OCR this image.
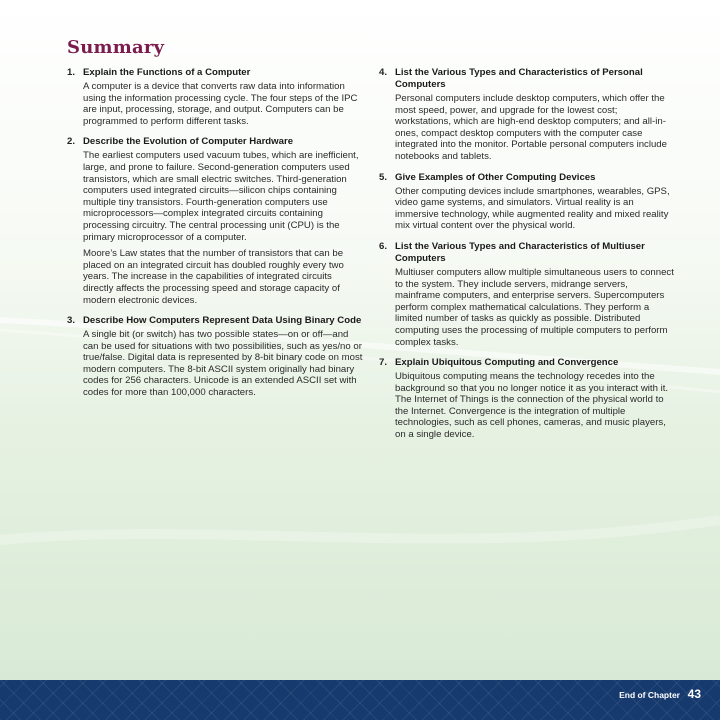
Summary
1. Explain the Functions of a Computer

A computer is a device that converts raw data into information using the information processing cycle. The four steps of the IPC are input, processing, storage, and output. Computers can be programmed to perform different tasks.

2. Describe the Evolution of Computer Hardware

The earliest computers used vacuum tubes, which are inefficient, large, and prone to failure. Second-generation computers used transistors, which are small electric switches. Third-generation computers used integrated circuits—silicon chips containing multiple tiny transistors. Fourth-generation computers use microprocessors—complex integrated circuits containing processing circuitry. The central processing unit (CPU) is the primary microprocessor of a computer.

Moore’s Law states that the number of transistors that can be placed on an integrated circuit has doubled roughly every two years. The increase in the capabilities of integrated circuits directly affects the processing speed and storage capacity of modern electronic devices.

3. Describe How Computers Represent Data Using Binary Code

A single bit (or switch) has two possible states—on or off—and can be used for situations with two possibilities, such as yes/no or true/false. Digital data is represented by 8-bit binary code on most modern computers. The 8-bit ASCII system originally had binary codes for 256 characters. Unicode is an extended ASCII set with codes for more than 100,000 characters.

4. List the Various Types and Characteristics of Personal Computers

Personal computers include desktop computers, which offer the most speed, power, and upgrade for the lowest cost; workstations, which are high-end desktop computers; and all-in-ones, compact desktop computers with the computer case integrated into the monitor. Portable personal computers include notebooks and tablets.

5. Give Examples of Other Computing Devices

Other computing devices include smartphones, wearables, GPS, video game systems, and simulators. Virtual reality is an immersive technology, while augmented reality and mixed reality mix virtual content over the physical world.

6. List the Various Types and Characteristics of Multiuser Computers

Multiuser computers allow multiple simultaneous users to connect to the system. They include servers, midrange servers, mainframe computers, and enterprise servers. Supercomputers perform complex mathematical calculations. They perform a limited number of tasks as quickly as possible. Distributed computing uses the processing of multiple computers to perform complex tasks.

7. Explain Ubiquitous Computing and Convergence

Ubiquitous computing means the technology recedes into the background so that you no longer notice it as you interact with it. The Internet of Things is the connection of the physical world to the Internet. Convergence is the integration of multiple technologies, such as cell phones, cameras, and music players, on a single device.

End of Chapter 43
